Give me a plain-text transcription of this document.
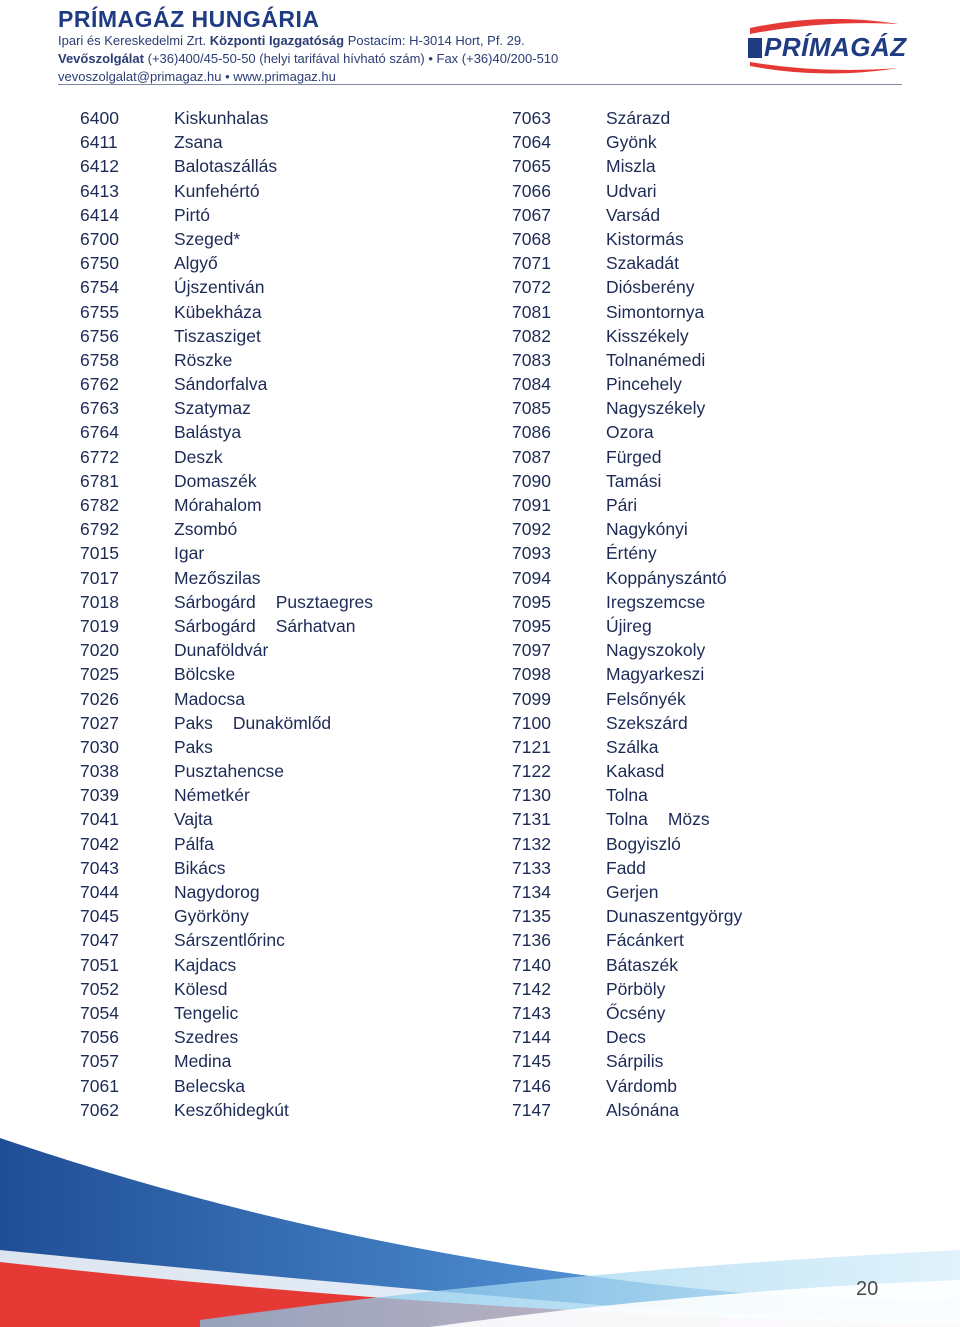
PRÍMAGÁZ HUNGÁRIA
Ipari és Kereskedelmi Zrt. Központi Igazgatóság Postacím: H-3014 Hort, Pf. 29.
Vevőszolgálat (+36)400/45-50-50 (helyi tarifával hívható szám) • Fax (+36)40/200-510
vevoszolgalat@primagaz.hu • www.primagaz.hu
PRÍMAGÁZ
6400	Kiskunhalas
6411	Zsana
6412	Balotaszállás
6413	Kunfehértó
6414	Pirtó
6700	Szeged*
6750	Algyő
6754	Újszentiván
6755	Kübekháza
6756	Tiszasziget
6758	Röszke
6762	Sándorfalva
6763	Szatymaz
6764	Balástya
6772	Deszk
6781	Domaszék
6782	Mórahalom
6792	Zsombó
7015	Igar
7017	Mezőszilas
7018	Sárbogárd Pusztaegres
7019	Sárbogárd Sárhatvan
7020	Dunaföldvár
7025	Bölcske
7026	Madocsa
7027	Paks Dunakömlőd
7030	Paks
7038	Pusztahencse
7039	Németkér
7041	Vajta
7042	Pálfa
7043	Bikács
7044	Nagydorog
7045	Györköny
7047	Sárszentlőrinc
7051	Kajdacs
7052	Kölesd
7054	Tengelic
7056	Szedres
7057	Medina
7061	Belecska
7062	Keszőhidegkút
7063	Szárazd
7064	Gyönk
7065	Miszla
7066	Udvari
7067	Varsád
7068	Kistormás
7071	Szakadát
7072	Diósberény
7081	Simontornya
7082	Kisszékely
7083	Tolnanémedi
7084	Pincehely
7085	Nagyszékely
7086	Ozora
7087	Fürged
7090	Tamási
7091	Pári
7092	Nagykónyi
7093	Értény
7094	Koppányszántó
7095	Iregszemcse
7095	Újireg
7097	Nagyszokoly
7098	Magyarkeszi
7099	Felsőnyék
7100	Szekszárd
7121	Szálka
7122	Kakasd
7130	Tolna
7131	Tolna Mözs
7132	Bogyiszló
7133	Fadd
7134	Gerjen
7135	Dunaszentgyörgy
7136	Fácánkert
7140	Bátaszék
7142	Pörböly
7143	Őcsény
7144	Decs
7145	Sárpilis
7146	Várdomb
7147	Alsónána
20
